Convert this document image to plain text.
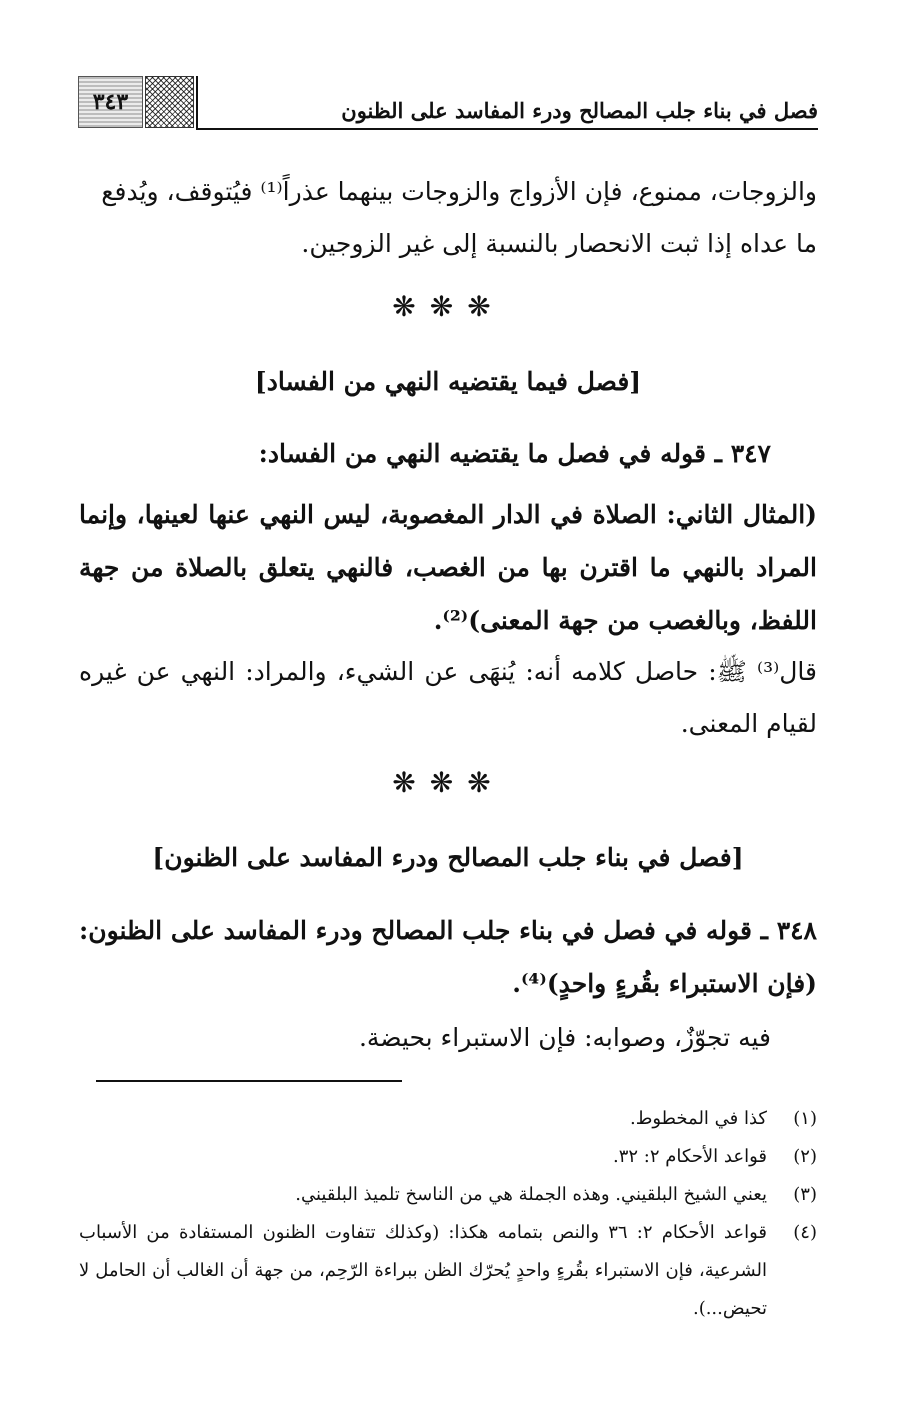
فصل في بناء جلب المصالح ودرء المفاسد على الظنون
٣٤٣
والزوجات، ممنوع، فإن الأزواج والزوجات بينهما عذراً⁽¹⁾ فيُتوقف، ويُدفع
ما عداه إذا ثبت الانحصار بالنسبة إلى غير الزوجين.
❋❋❋
[فصل فيما يقتضيه النهي من الفساد]
٣٤٧ ـ قوله في فصل ما يقتضيه النهي من الفساد:
(المثال الثاني: الصلاة في الدار المغصوبة، ليس النهي عنها لعينها، وإنما المراد بالنهي ما اقترن بها من الغصب، فالنهي يتعلق بالصلاة من جهة اللفظ، وبالغصب من جهة المعنى)⁽²⁾.
قال⁽³⁾ ﷺ: حاصل كلامه أنه: يُنهَى عن الشيء، والمراد: النهي عن غيره لقيام المعنى.
❋❋❋
[فصل في بناء جلب المصالح ودرء المفاسد على الظنون]
٣٤٨ ـ قوله في فصل في بناء جلب المصالح ودرء المفاسد على الظنون: (فإن الاستبراء بقُرءٍ واحدٍ)⁽⁴⁾.
فيه تجوّزٌ، وصوابه: فإن الاستبراء بحيضة.
(١)كذا في المخطوط.
(٢)قواعد الأحكام ٢: ٣٢.
(٣)يعني الشيخ البلقيني. وهذه الجملة هي من الناسخ تلميذ البلقيني.
(٤)
قواعد الأحكام ٢: ٣٦ والنص بتمامه هكذا: (وكذلك تتفاوت الظنون المستفادة من الأسباب الشرعية، فإن الاستبراء بقُرءٍ واحدٍ يُحرّك الظن ببراءة الرّحِم، من جهة أن الغالب أن الحامل لا تحيض...).
